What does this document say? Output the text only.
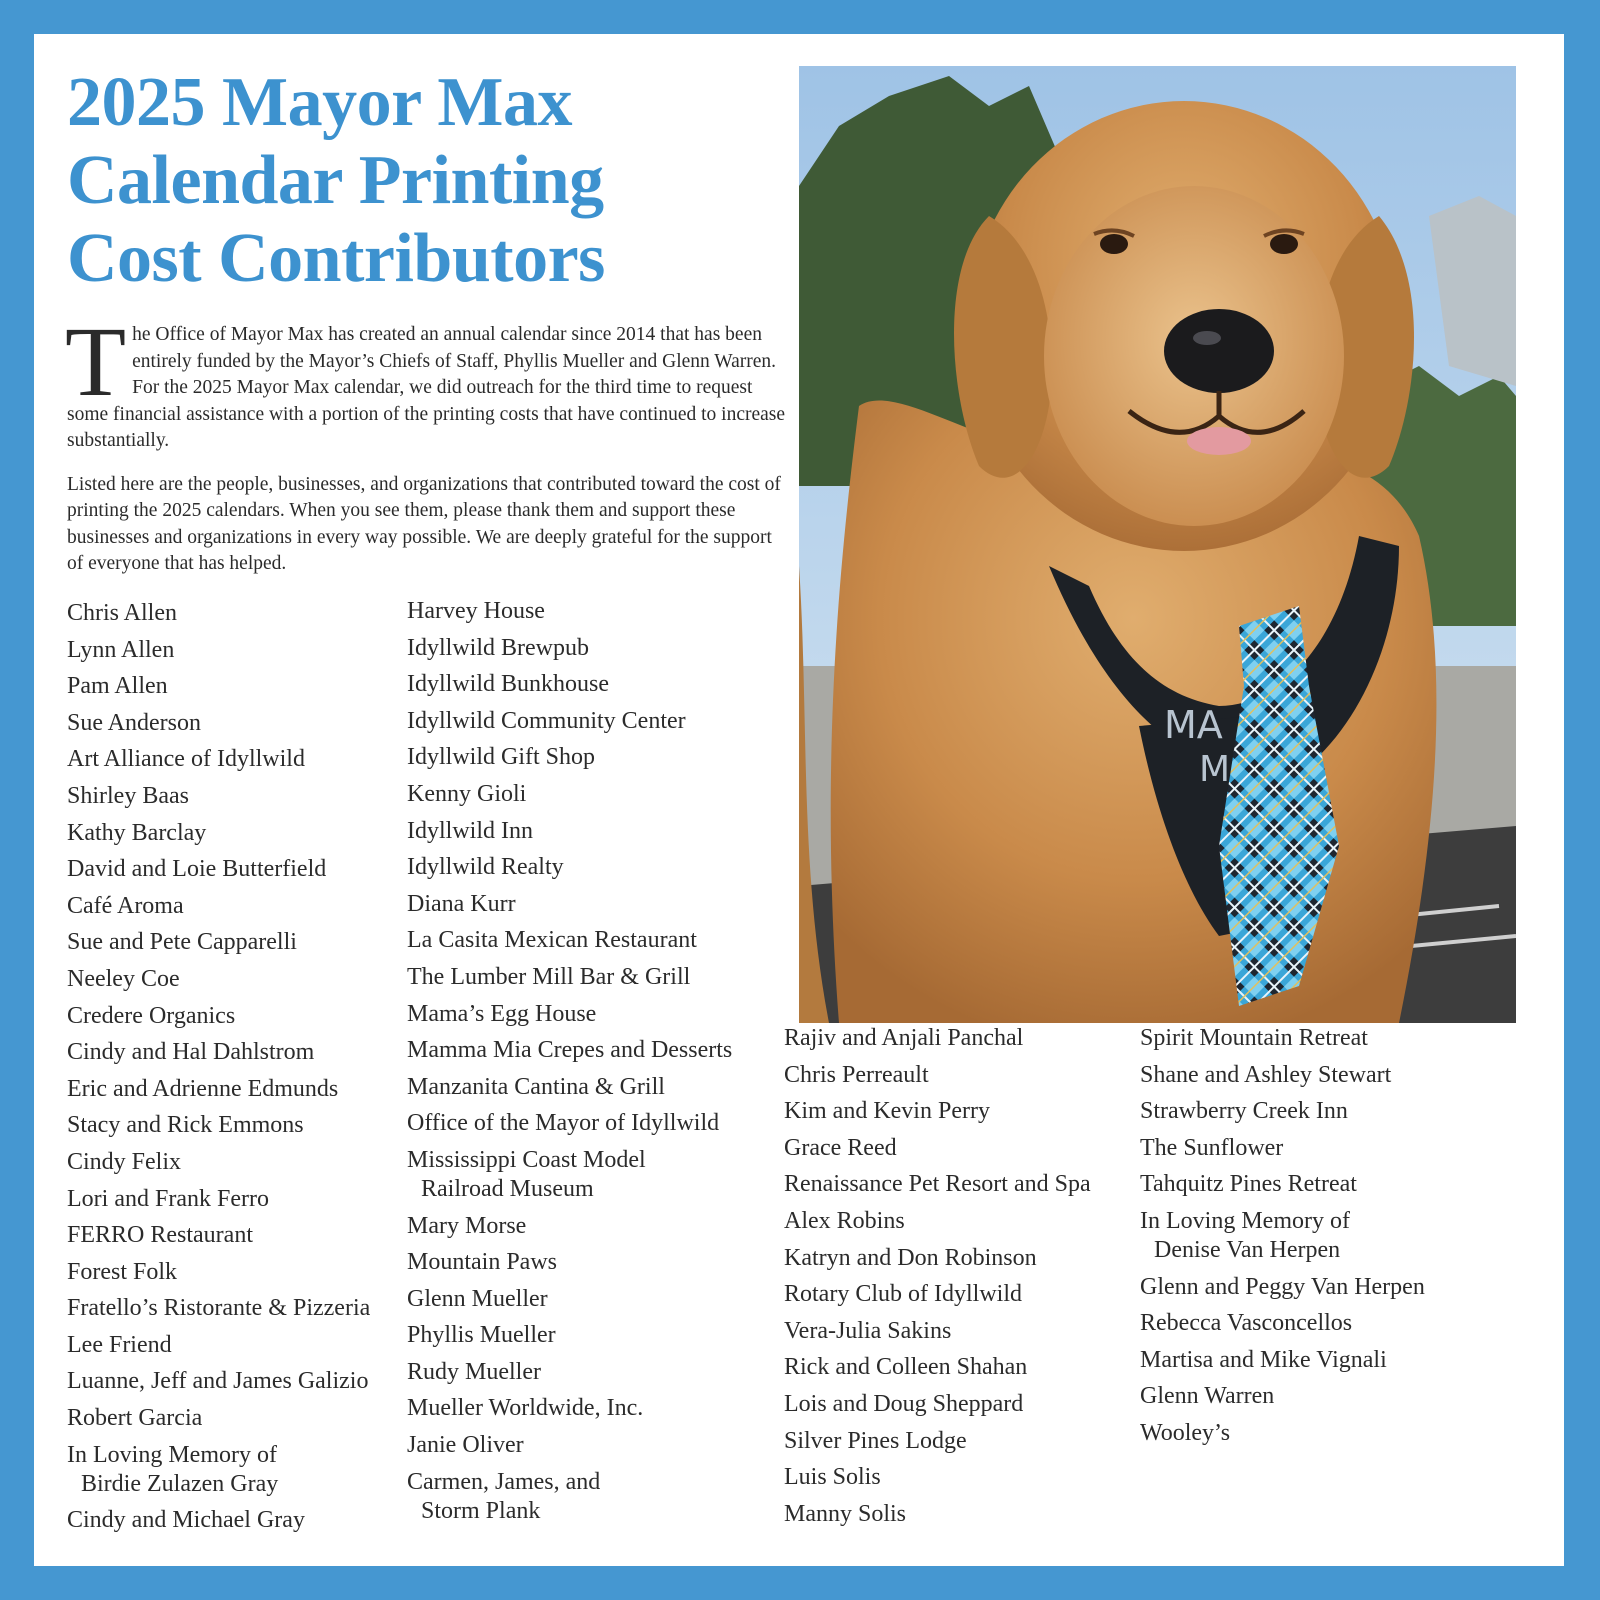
2025 Mayor Max
Calendar Printing
Cost Contributors

The Office of Mayor Max has created an annual calendar since 2014 that has been entirely funded by the Mayor’s Chiefs of Staff, Phyllis Mueller and Glenn Warren. For the 2025 Mayor Max calendar, we did outreach for the third time to request some financial assistance with a portion of the printing costs that have continued to increase substantially.

Listed here are the people, businesses, and organizations that contributed toward the cost of printing the 2025 calendars. When you see them, please thank them and support these businesses and organizations in every way possible. We are deeply grateful for the support of everyone that has helped.

Chris Allen
Lynn Allen
Pam Allen
Sue Anderson
Art Alliance of Idyllwild
Shirley Baas
Kathy Barclay
David and Loie Butterfield
Café Aroma
Sue and Pete Capparelli
Neeley Coe
Credere Organics
Cindy and Hal Dahlstrom
Eric and Adrienne Edmunds
Stacy and Rick Emmons
Cindy Felix
Lori and Frank Ferro
FERRO Restaurant
Forest Folk
Fratello’s Ristorante & Pizzeria
Lee Friend
Luanne, Jeff and James Galizio
Robert Garcia
In Loving Memory of
Birdie Zulazen Gray
Cindy and Michael Gray
Harvey House
Idyllwild Brewpub
Idyllwild Bunkhouse
Idyllwild Community Center
Idyllwild Gift Shop
Kenny Gioli
Idyllwild Inn
Idyllwild Realty
Diana Kurr
La Casita Mexican Restaurant
The Lumber Mill Bar & Grill
Mama’s Egg House
Mamma Mia Crepes and Desserts
Manzanita Cantina & Grill
Office of the Mayor of Idyllwild
Mississippi Coast Model
Railroad Museum
Mary Morse
Mountain Paws
Glenn Mueller
Phyllis Mueller
Rudy Mueller
Mueller Worldwide, Inc.
Janie Oliver
Carmen, James, and
Storm Plank
Rajiv and Anjali Panchal
Chris Perreault
Kim and Kevin Perry
Grace Reed
Renaissance Pet Resort and Spa
Alex Robins
Katryn and Don Robinson
Rotary Club of Idyllwild
Vera-Julia Sakins
Rick and Colleen Shahan
Lois and Doug Sheppard
Silver Pines Lodge
Luis Solis
Manny Solis
Spirit Mountain Retreat
Shane and Ashley Stewart
Strawberry Creek Inn
The Sunflower
Tahquitz Pines Retreat
In Loving Memory of
Denise Van Herpen
Glenn and Peggy Van Herpen
Rebecca Vasconcellos
Martisa and Mike Vignali
Glenn Warren
Wooley’s
MA
M
